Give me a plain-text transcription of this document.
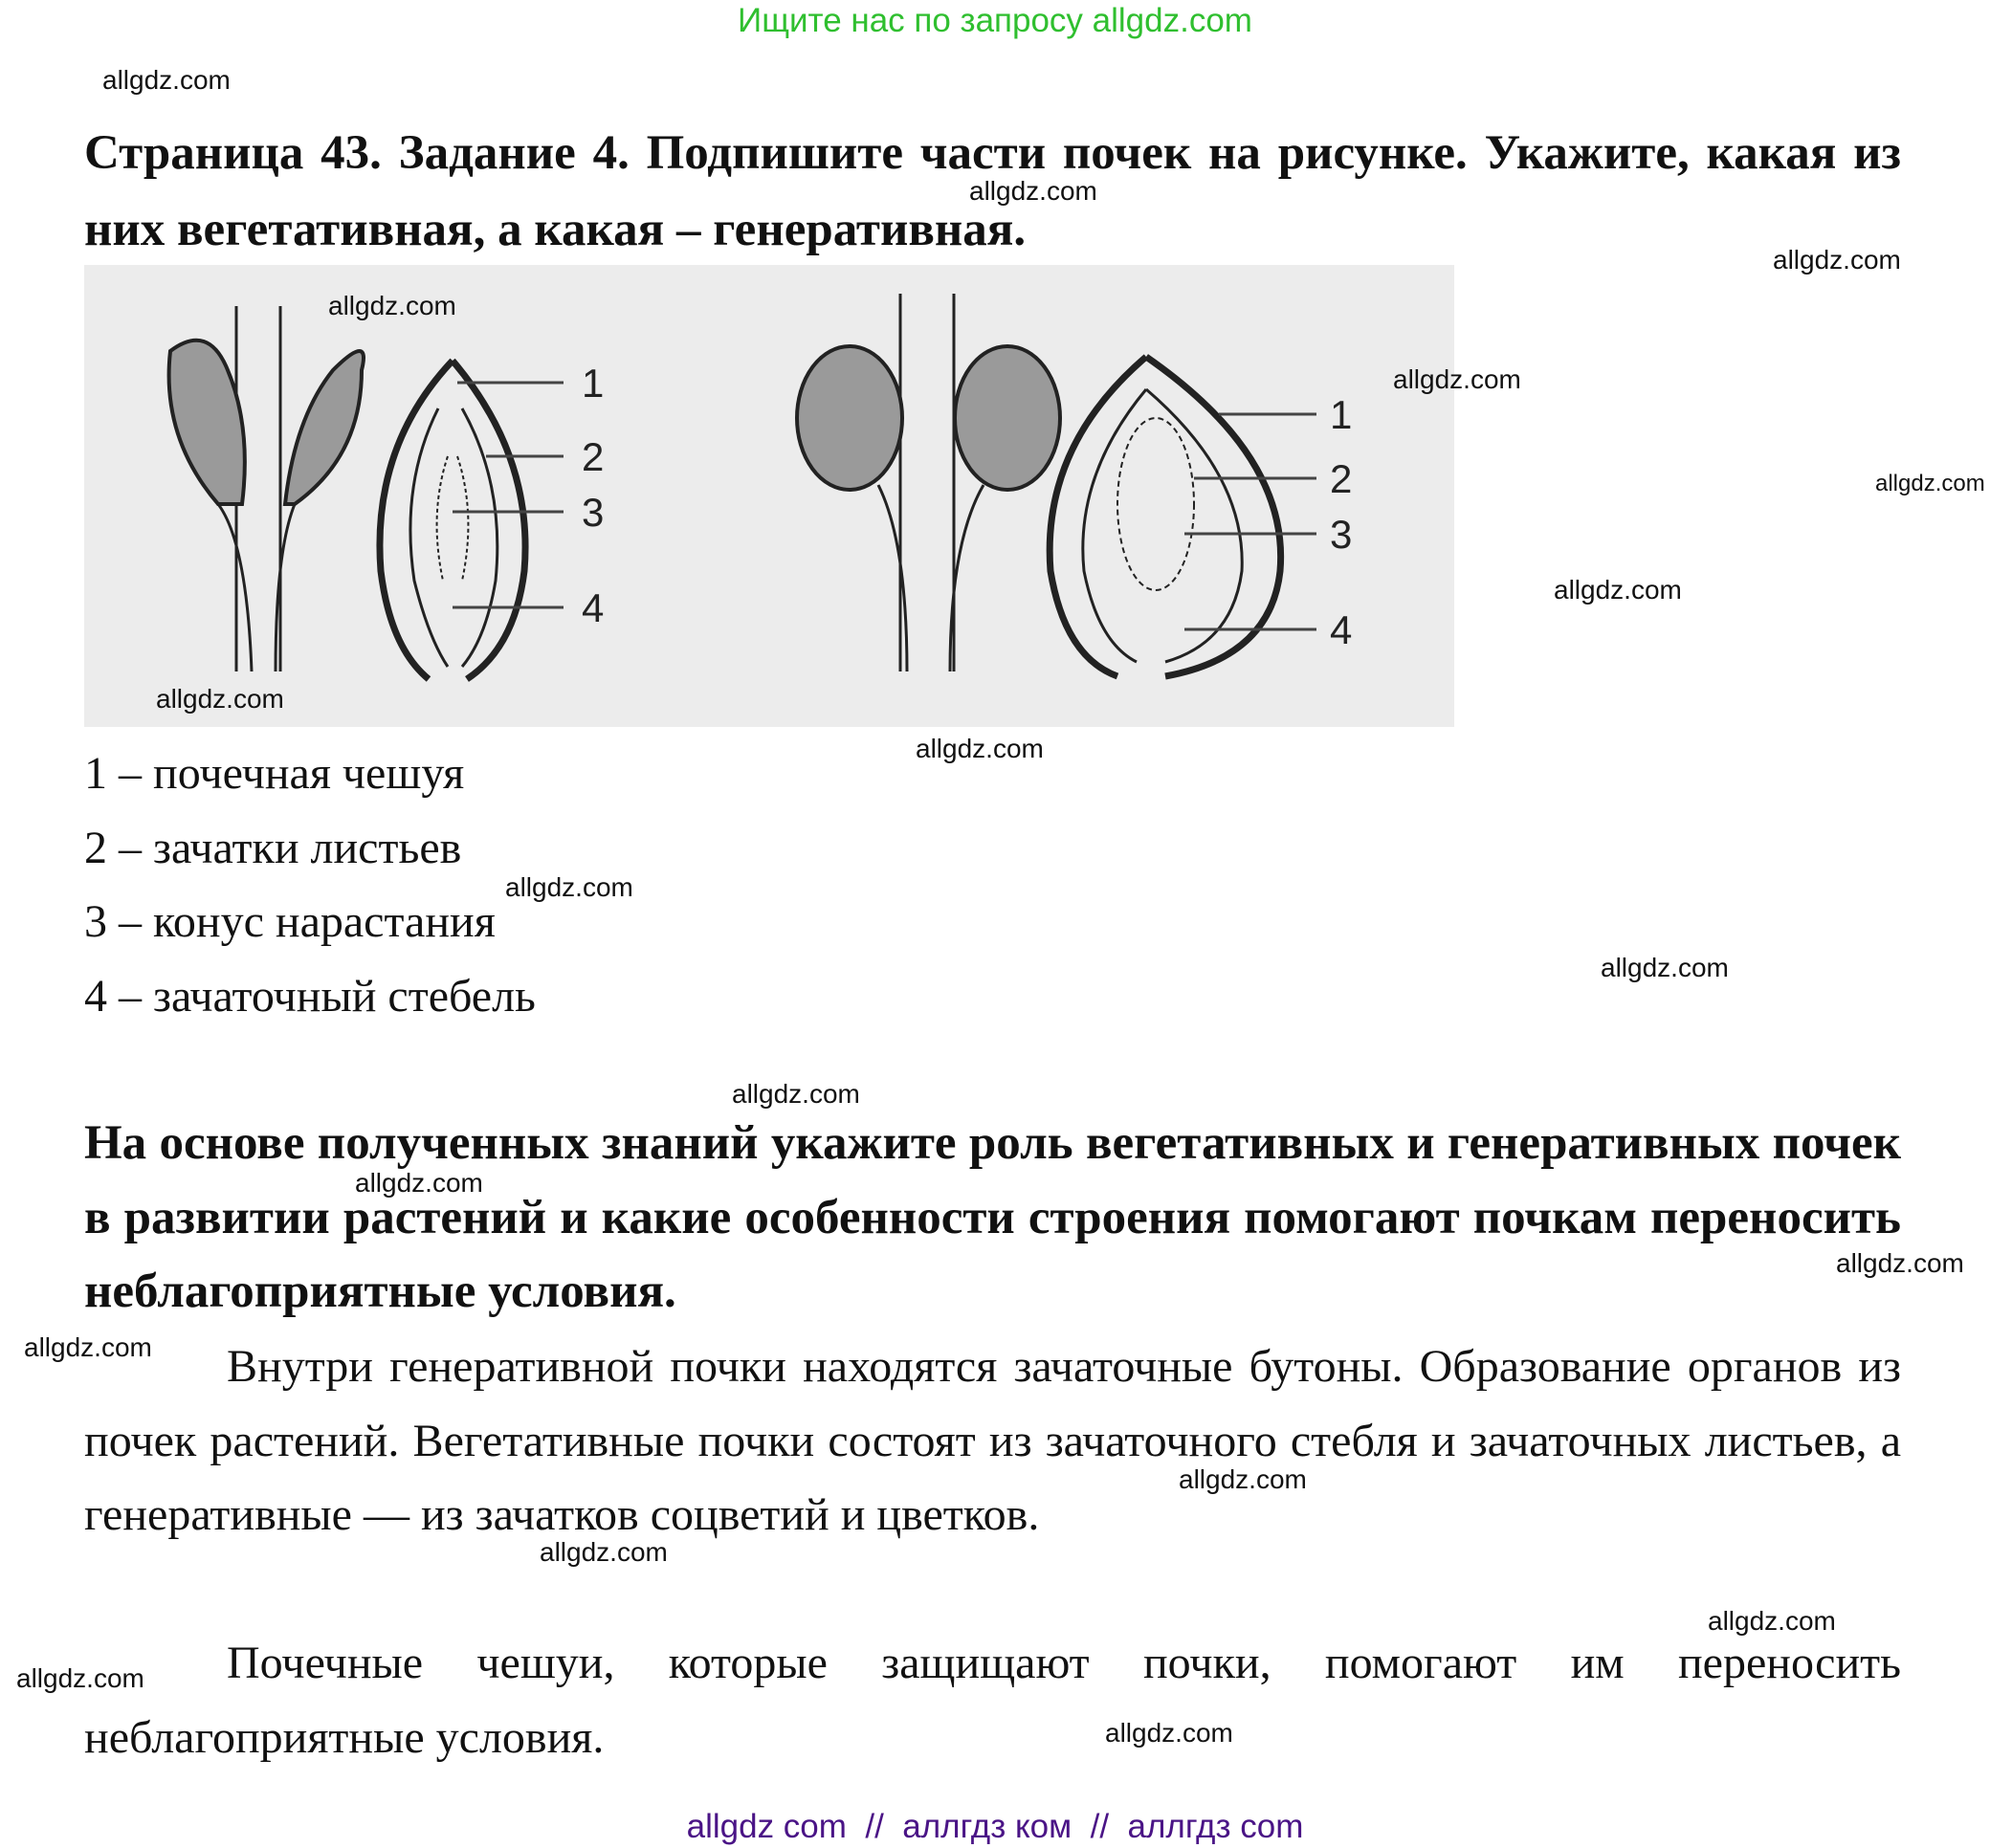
Ищите нас по запросу allgdz.com
Страница 43. Задание 4. Подпишите части почек на рисунке. Укажите, какая из них вегетативная, а какая – генеративная.
1
2
3
4
1
2
3
4
1 – почечная чешуя
2 – зачатки листьев
3 – конус нарастания
4 – зачаточный стебель
На основе полученных знаний укажите роль вегетативных и генеративных почек в развитии растений и какие особенности строения помогают почкам переносить неблагоприятные условия.
Внутри генеративной почки находятся зачаточные бутоны. Образование органов из почек растений. Вегетативные почки состоят из зачаточного стебля и зачаточных листьев, а генеративные — из зачатков соцветий и цветков.
Почечные чешуи, которые защищают почки, помогают им переносить неблагоприятные условия.
allgdz com  //  аллгдз ком  //  аллгдз com
allgdz.com
allgdz.com
allgdz.com
allgdz.com
allgdz.com
allgdz.com
allgdz.com
allgdz.com
allgdz.com
allgdz.com
allgdz.com
allgdz.com
allgdz.com
allgdz.com
allgdz.com
allgdz.com
allgdz.com
allgdz.com
allgdz.com
allgdz.com
